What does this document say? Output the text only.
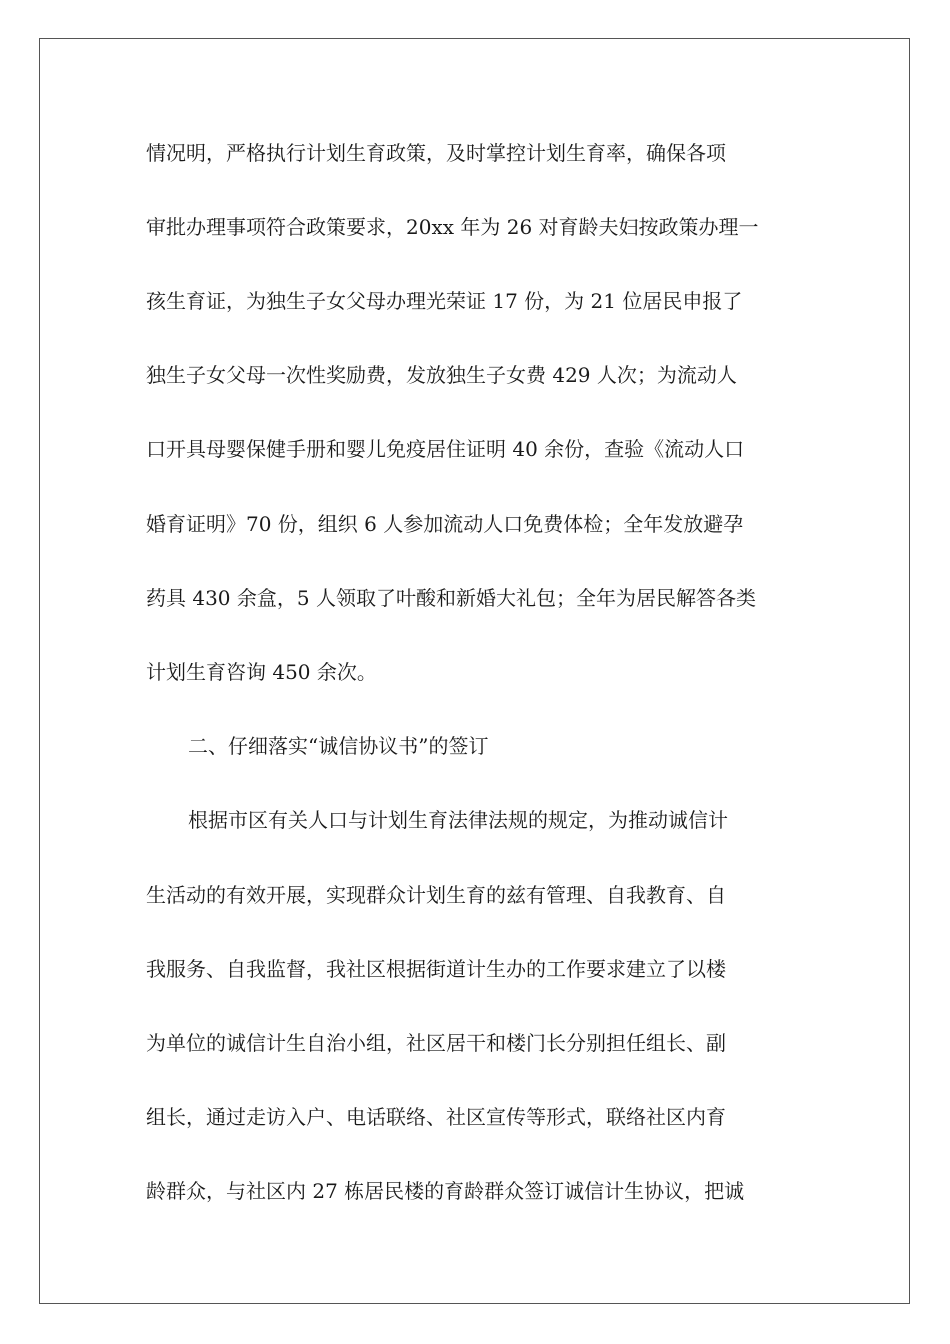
情况明，严格执行计划生育政策，及时掌控计划生育率，确保各项

审批办理事项符合政策要求，20xx 年为 26 对育龄夫妇按政策办理一

孩生育证，为独生子女父母办理光荣证 17 份，为 21 位居民申报了

独生子女父母一次性奖励费，发放独生子女费 429 人次；为流动人

口开具母婴保健手册和婴儿免疫居住证明 40 余份，查验《流动人口

婚育证明》70 份，组织 6 人参加流动人口免费体检；全年发放避孕

药具 430 余盒，5 人领取了叶酸和新婚大礼包；全年为居民解答各类

计划生育咨询 450 余次。

二、仔细落实“诚信协议书”的签订

根据市区有关人口与计划生育法律法规的规定，为推动诚信计

生活动的有效开展，实现群众计划生育的兹有管理、自我教育、自

我服务、自我监督，我社区根据街道计生办的工作要求建立了以楼

为单位的诚信计生自治小组，社区居干和楼门长分别担任组长、副

组长，通过走访入户、电话联络、社区宣传等形式，联络社区内育

龄群众，与社区内 27 栋居民楼的育龄群众签订诚信计生协议，把诚
